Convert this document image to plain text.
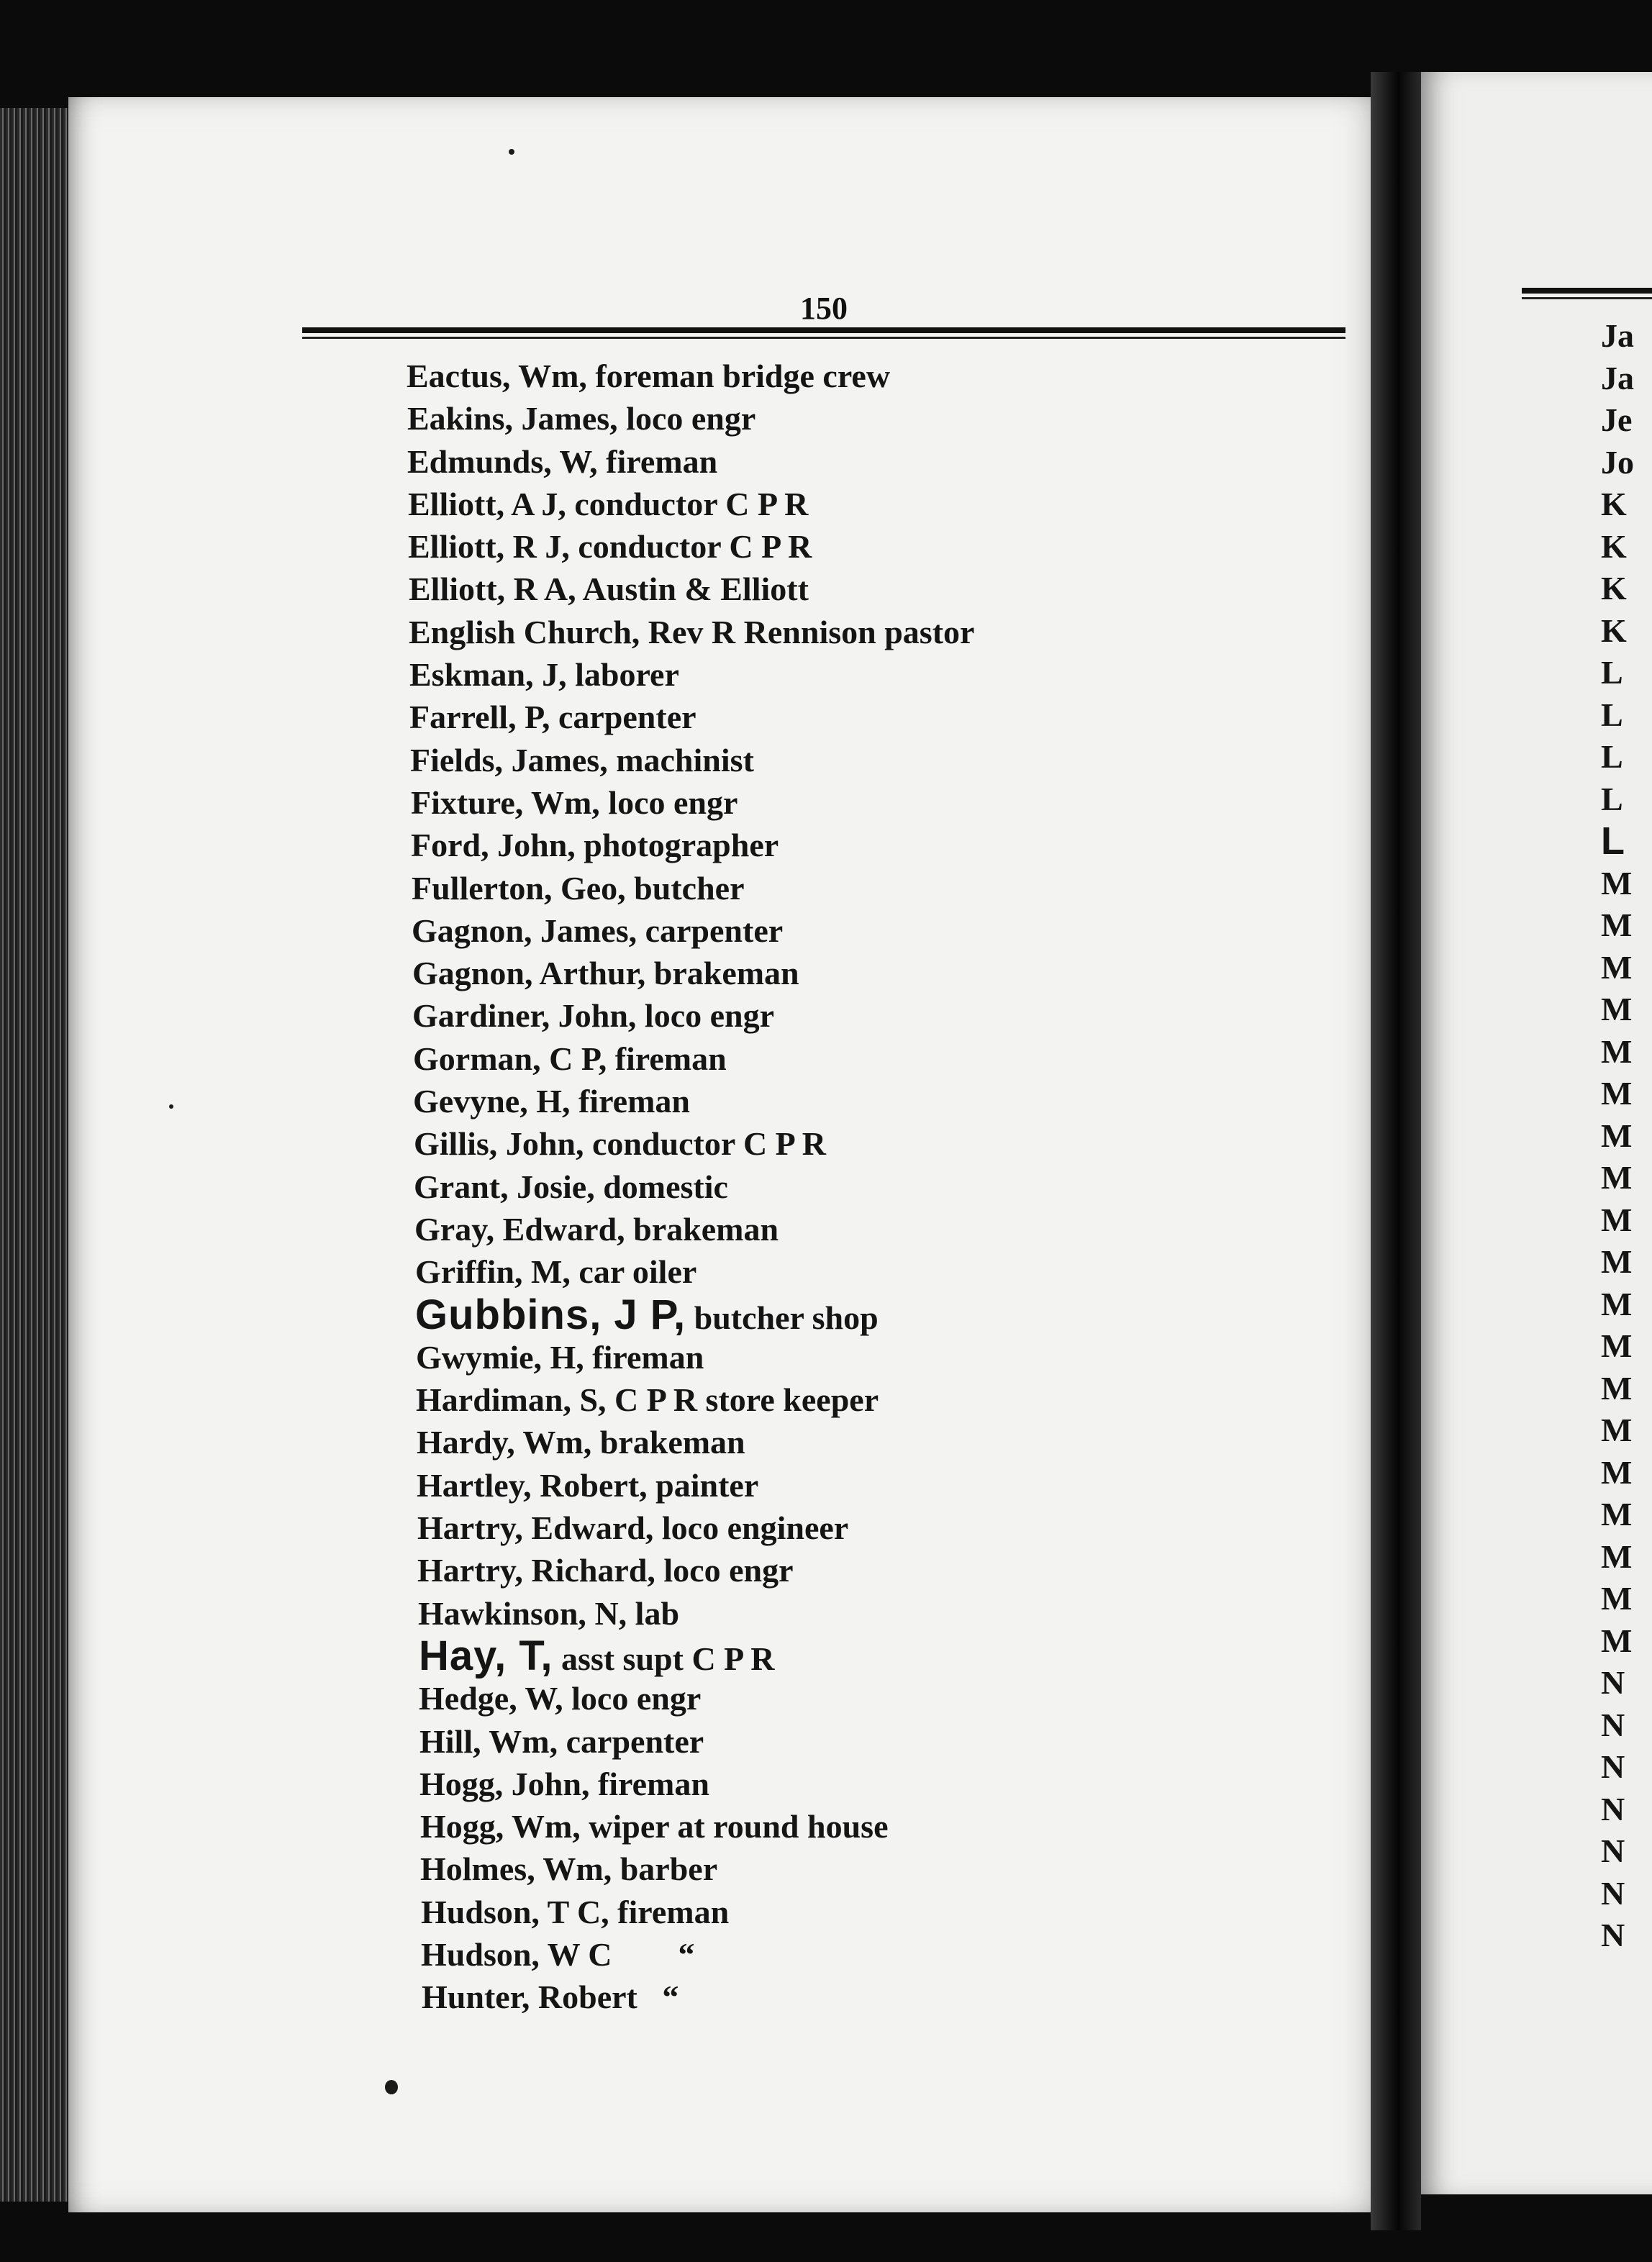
150
Eactus, Wm, foreman bridge crew
Eakins, James, loco engr
Edmunds, W, fireman
Elliott, A J, conductor C P R
Elliott, R J, conductor C P R
Elliott, R A, Austin & Elliott
English Church, Rev R Rennison pastor
Eskman, J, laborer
Farrell, P, carpenter
Fields, James, machinist
Fixture, Wm, loco engr
Ford, John, photographer
Fullerton, Geo, butcher
Gagnon, James, carpenter
Gagnon, Arthur, brakeman
Gardiner, John, loco engr
Gorman, C P, fireman
Gevyne, H, fireman
Gillis, John, conductor C P R
Grant, Josie, domestic
Gray, Edward, brakeman
Griffin, M, car oiler
Gubbins, J P, butcher shop
Gwymie, H, fireman
Hardiman, S, C P R store keeper
Hardy, Wm, brakeman
Hartley, Robert, painter
Hartry, Edward, loco engineer
Hartry, Richard, loco engr
Hawkinson, N, lab
Hay, T, asst supt C P R
Hedge, W, loco engr
Hill, Wm, carpenter
Hogg, John, fireman
Hogg, Wm, wiper at round house
Holmes, Wm, barber
Hudson, T C, fireman
Hudson, W C        “
Hunter, Robert   “
Ja
Ja
Je
Jo
K
K
K
K
L
L
L
L
L
M
M
M
M
M
M
M
M
M
M
M
M
M
M
M
M
M
M
M
N
N
N
N
N
N
N
